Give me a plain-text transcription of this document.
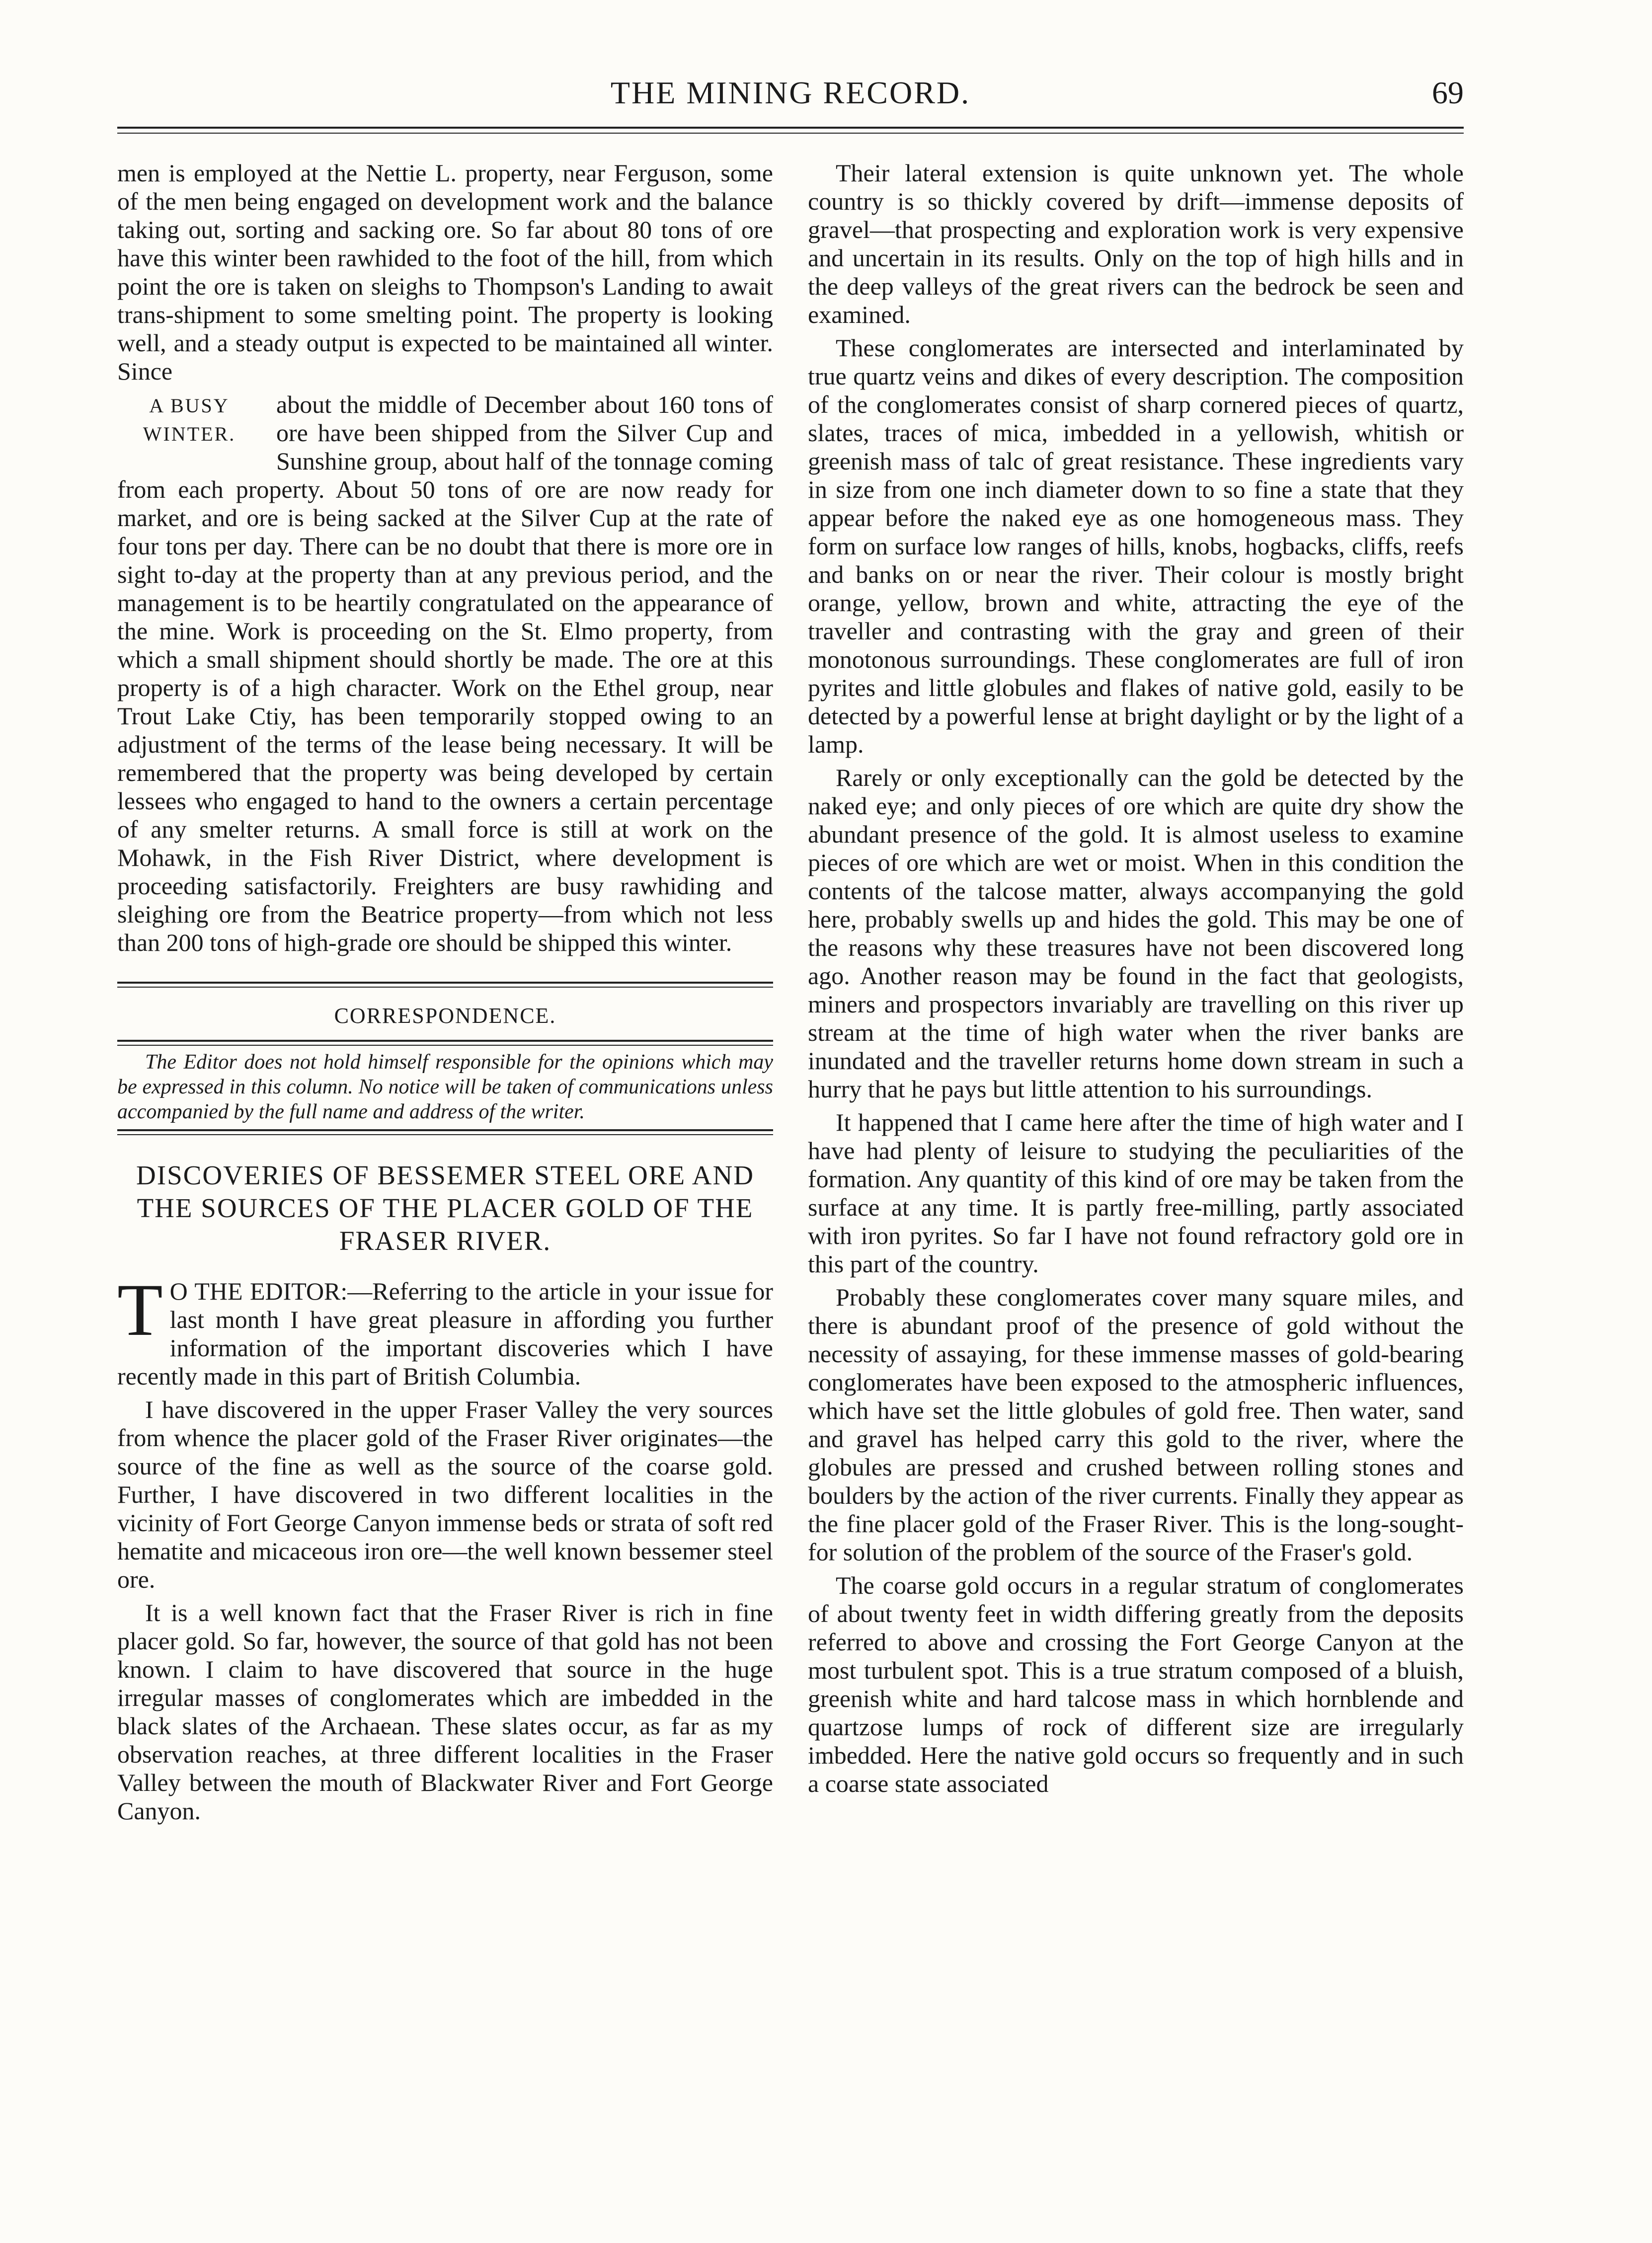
THE MINING RECORD.	69

men is employed at the Nettie L. property, near Ferguson, some of the men being engaged on development work and the balance taking out, sorting and sacking ore. So far about 80 tons of ore have this winter been rawhided to the foot of the hill, from which point the ore is taken on sleighs to Thompson's Landing to await trans-shipment to some smelting point. The property is looking well, and a steady output is expected to be maintained all winter. Since

A BUSY
WINTER.

about the middle of December about 160 tons of ore have been shipped from the Silver Cup and Sunshine group, about half of the tonnage coming from each property. About 50 tons of ore are now ready for market, and ore is being sacked at the Silver Cup at the rate of four tons per day. There can be no doubt that there is more ore in sight to-day at the property than at any previous period, and the management is to be heartily congratulated on the appearance of the mine. Work is proceeding on the St. Elmo property, from which a small shipment should shortly be made. The ore at this property is of a high character. Work on the Ethel group, near Trout Lake Ctiy, has been temporarily stopped owing to an adjustment of the terms of the lease being necessary. It will be remembered that the property was being developed by certain lessees who engaged to hand to the owners a certain percentage of any smelter returns. A small force is still at work on the Mohawk, in the Fish River District, where development is proceeding satisfactorily. Freighters are busy rawhiding and sleighing ore from the Beatrice property—from which not less than 200 tons of high-grade ore should be shipped this winter.

CORRESPONDENCE.

The Editor does not hold himself responsible for the opinions which may be expressed in this column. No notice will be taken of communications unless accompanied by the full name and address of the writer.

DISCOVERIES OF BESSEMER STEEL ORE AND THE SOURCES OF THE PLACER GOLD OF THE FRASER RIVER.

T O THE EDITOR:—Referring to the article in your issue for last month I have great pleasure in affording you further information of the important discoveries which I have recently made in this part of British Columbia.

I have discovered in the upper Fraser Valley the very sources from whence the placer gold of the Fraser River originates—the source of the fine as well as the source of the coarse gold. Further, I have discovered in two different localities in the vicinity of Fort George Canyon immense beds or strata of soft red hematite and micaceous iron ore—the well known bessemer steel ore.

It is a well known fact that the Fraser River is rich in fine placer gold. So far, however, the source of that gold has not been known. I claim to have discovered that source in the huge irregular masses of conglomerates which are imbedded in the black slates of the Archaean. These slates occur, as far as my observation reaches, at three different localities in the Fraser Valley between the mouth of Blackwater River and Fort George Canyon.

Their lateral extension is quite unknown yet. The whole country is so thickly covered by drift—immense deposits of gravel—that prospecting and exploration work is very expensive and uncertain in its results. Only on the top of high hills and in the deep valleys of the great rivers can the bedrock be seen and examined.

These conglomerates are intersected and interlaminated by true quartz veins and dikes of every description. The composition of the conglomerates consist of sharp cornered pieces of quartz, slates, traces of mica, imbedded in a yellowish, whitish or greenish mass of talc of great resistance. These ingredients vary in size from one inch diameter down to so fine a state that they appear before the naked eye as one homogeneous mass. They form on surface low ranges of hills, knobs, hogbacks, cliffs, reefs and banks on or near the river. Their colour is mostly bright orange, yellow, brown and white, attracting the eye of the traveller and contrasting with the gray and green of their monotonous surroundings. These conglomerates are full of iron pyrites and little globules and flakes of native gold, easily to be detected by a powerful lense at bright daylight or by the light of a lamp.

Rarely or only exceptionally can the gold be detected by the naked eye; and only pieces of ore which are quite dry show the abundant presence of the gold. It is almost useless to examine pieces of ore which are wet or moist. When in this condition the contents of the talcose matter, always accompanying the gold here, probably swells up and hides the gold. This may be one of the reasons why these treasures have not been discovered long ago. Another reason may be found in the fact that geologists, miners and prospectors invariably are travelling on this river up stream at the time of high water when the river banks are inundated and the traveller returns home down stream in such a hurry that he pays but little attention to his surroundings.

It happened that I came here after the time of high water and I have had plenty of leisure to studying the peculiarities of the formation. Any quantity of this kind of ore may be taken from the surface at any time. It is partly free-milling, partly associated with iron pyrites. So far I have not found refractory gold ore in this part of the country.

Probably these conglomerates cover many square miles, and there is abundant proof of the presence of gold without the necessity of assaying, for these immense masses of gold-bearing conglomerates have been exposed to the atmospheric influences, which have set the little globules of gold free. Then water, sand and gravel has helped carry this gold to the river, where the globules are pressed and crushed between rolling stones and boulders by the action of the river currents. Finally they appear as the fine placer gold of the Fraser River. This is the long-sought-for solution of the problem of the source of the Fraser's gold.

The coarse gold occurs in a regular stratum of conglomerates of about twenty feet in width differing greatly from the deposits referred to above and crossing the Fort George Canyon at the most turbulent spot. This is a true stratum composed of a bluish, greenish white and hard talcose mass in which hornblende and quartzose lumps of rock of different size are irregularly imbedded. Here the native gold occurs so frequently and in such a coarse state associated
